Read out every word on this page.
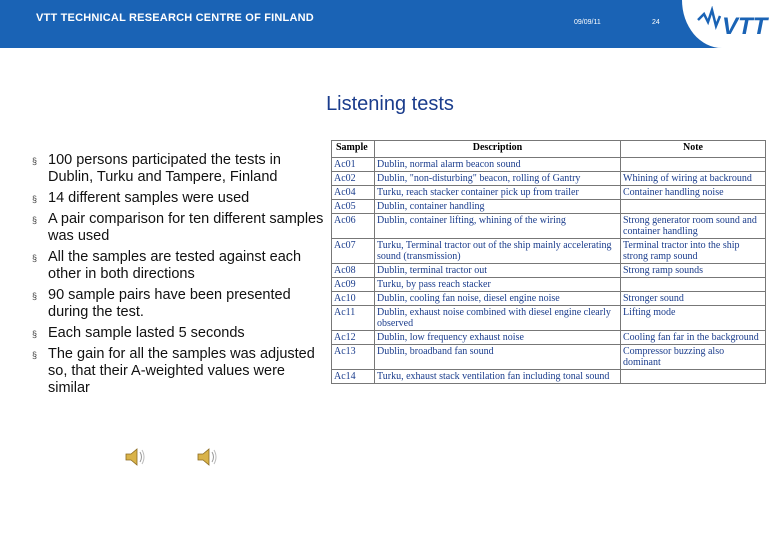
VTT TECHNICAL RESEARCH CENTRE OF FINLAND	09/09/11	24	VTT
Listening tests
§ 100 persons participated the tests in Dublin, Turku and Tampere, Finland
§ 14 different samples were used
§ A pair comparison for ten different samples was used
§ All the samples are tested against each other in both directions
§ 90 sample pairs have been presented during the test.
§ Each sample lasted 5 seconds
§ The gain for all the samples was adjusted so, that their A-weighted values were similar
Sample	Description	Note
Ac01	Dublin, normal alarm beacon sound	
Ac02	Dublin, "non-disturbing" beacon, rolling of Gantry	Whining of wiring at backround
Ac04	Turku, reach stacker container pick up from trailer	Container handling noise
Ac05	Dublin, container handling	
Ac06	Dublin, container lifting, whining of the wiring	Strong generator room sound and container handling
Ac07	Turku, Terminal tractor out of the ship mainly accelerating sound (transmission)	Terminal tractor into the ship strong ramp sound
Ac08	Dublin, terminal tractor out	Strong ramp sounds
Ac09	Turku, by pass reach stacker	
Ac10	Dublin, cooling fan noise, diesel engine noise	Stronger sound
Ac11	Dublin, exhaust noise combined with diesel engine clearly observed	Lifting mode
Ac12	Dublin, low frequency exhaust noise	Cooling fan far in the background
Ac13	Dublin, broadband fan sound	Compressor buzzing also dominant
Ac14	Turku, exhaust stack ventilation fan including tonal sound	
